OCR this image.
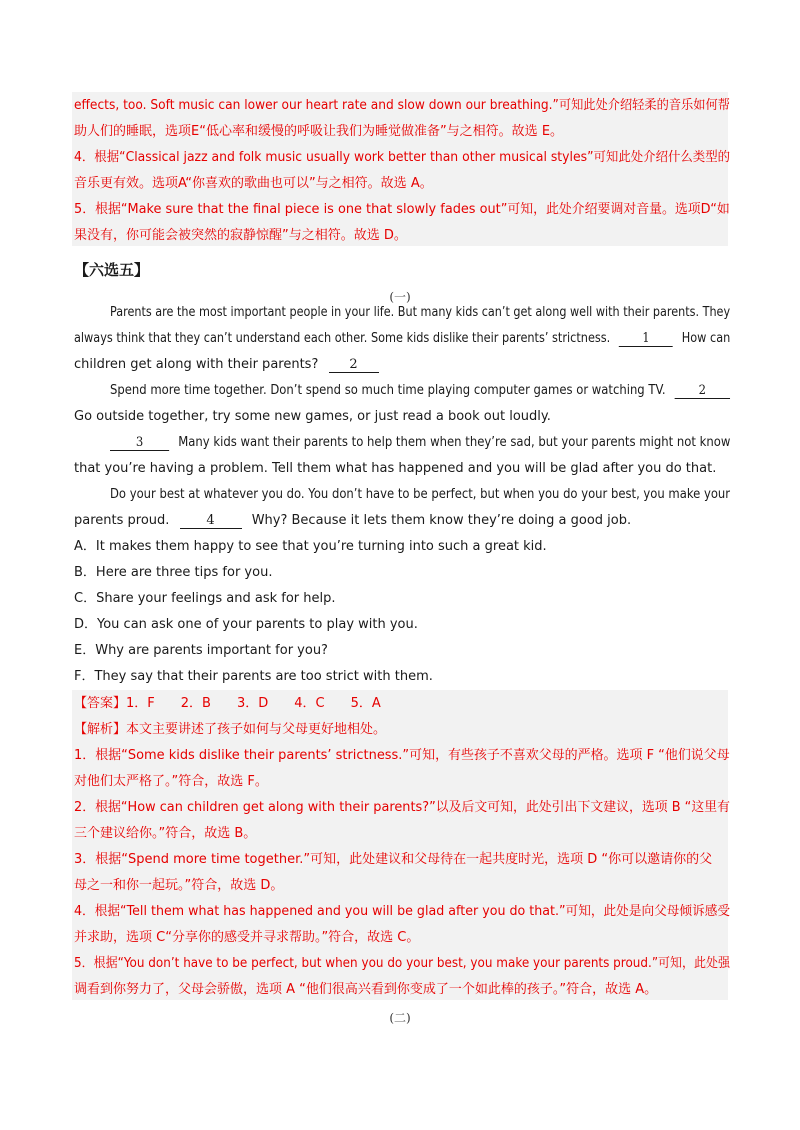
effects, too. Soft music can lower our heart rate and slow down our breathing.”可知此处介绍轻柔的音乐如何帮
助人们的睡眠，选项E“低心率和缓慢的呼吸让我们为睡觉做准备”与之相符。故选 E。
4．根据“Classical jazz and folk music usually work better than other musical styles”可知此处介绍什么类型的
音乐更有效。选项A“你喜欢的歌曲也可以”与之相符。故选 A。
5．根据“Make sure that the final piece is one that slowly fades out”可知，此处介绍要调对音量。选项D“如
果没有，你可能会被突然的寂静惊醒”与之相符。故选 D。
【六选五】
(一)
Parents are the most important people in your life. But many kids can’t get along well with their parents. They
always think that they can’t understand each other. Some kids dislike their parents’ strictness. 1 How can
children get along with their parents? 2
Spend more time together. Don’t spend so much time playing computer games or watching TV.	2
Go outside together, try some new games, or just read a book out loudly.
3	Many kids want their parents to help them when they’re sad, but your parents might not know
that you’re having a problem. Tell them what has happened and you will be glad after you do that.
Do your best at whatever you do. You don’t have to be perfect, but when you do your best, you make your
parents proud.	4	Why? Because it lets them know they’re doing a good job.
A．It makes them happy to see that you’re turning into such a great kid.
B．Here are three tips for you.
C．Share your feelings and ask for help.
D．You can ask one of your parents to play with you.
E．Why are parents important for you?
F．They say that their parents are too strict with them.
【答案】1．F　　2．B　　3．D　　4．C　　5．A
【解析】本文主要讲述了孩子如何与父母更好地相处。
1．根据“Some kids dislike their parents’ strictness.”可知，有些孩子不喜欢父母的严格。选项 F “他们说父母
对他们太严格了。”符合，故选 F。
2．根据“How can children get along with their parents?”以及后文可知，此处引出下文建议，选项 B “这里有
三个建议给你。”符合，故选 B。
3．根据“Spend more time together.”可知，此处建议和父母待在一起共度时光，选项 D “你可以邀请你的父
母之一和你一起玩。”符合，故选 D。
4．根据“Tell them what has happened and you will be glad after you do that.”可知，此处是向父母倾诉感受
并求助，选项 C“分享你的感受并寻求帮助。”符合，故选 C。
5．根据“You don’t have to be perfect, but when you do your best, you make your parents proud.”可知，此处强
调看到你努力了，父母会骄傲，选项 A “他们很高兴看到你变成了一个如此棒的孩子。”符合，故选 A。
(二)
